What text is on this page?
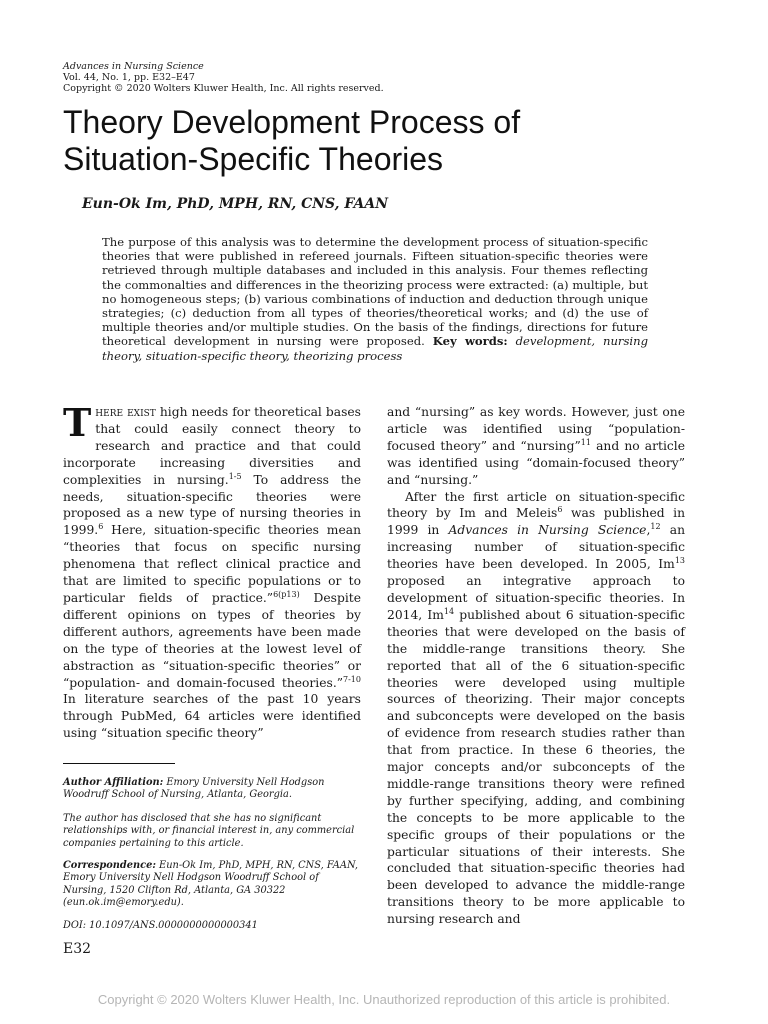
Advances in Nursing Science
Vol. 44, No. 1, pp. E32–E47
Copyright © 2020 Wolters Kluwer Health, Inc. All rights reserved.
Theory Development Process of
Situation-Specific Theories
Eun-Ok Im, PhD, MPH, RN, CNS, FAAN

The purpose of this analysis was to determine the development process of situation-specific theories that were published in refereed journals. Fifteen situation-specific theories were retrieved through multiple databases and included in this analysis. Four themes reflecting the commonalties and differences in the theorizing process were extracted: (a) multiple, but no homogeneous steps; (b) various combinations of induction and deduction through unique strategies; (c) deduction from all types of theories/theoretical works; and (d) the use of multiple theories and/or multiple studies. On the basis of the findings, directions for future theoretical development in nursing were proposed. Key words: development, nursing theory, situation-specific theory, theorizing process

There exist high needs for theoretical bases that could easily connect theory to research and practice and that could incorporate increasing diversities and complexities in nursing.$^{1-5}$ To address the needs, situation-specific theories were proposed as a new type of nursing theories in 1999.$^6$ Here, situation-specific theories mean “theories that focus on specific nursing phenomena that reflect clinical practice and that are limited to specific populations or to particular fields of practice.”$^{6(p13)}$ Despite different opinions on types of theories by different authors, agreements have been made on the type of theories at the lowest level of abstraction as “situation-specific theories” or “population- and domain-focused theories.”$^{7-10}$ In literature searches of the past 10 years through PubMed, 64 articles were identified using “situation specific theory”

and “nursing” as key words. However, just one article was identified using “population-focused theory” and “nursing”$^{11}$ and no article was identified using “domain-focused theory” and “nursing.”

After the first article on situation-specific theory by Im and Meleis$^6$ was published in 1999 in Advances in Nursing Science,$^{12}$ an increasing number of situation-specific theories have been developed. In 2005, Im$^{13}$ proposed an integrative approach to development of situation-specific theories. In 2014, Im$^{14}$ published about 6 situation-specific theories that were developed on the basis of the middle-range transitions theory. She reported that all of the 6 situation-specific theories were developed using multiple sources of theorizing. Their major concepts and subconcepts were developed on the basis of evidence from research studies rather than that from practice. In these 6 theories, the major concepts and/or subconcepts of the middle-range transitions theory were refined by further specifying, adding, and combining the concepts to be more applicable to the specific groups of their populations or the particular situations of their interests. She concluded that situation-specific theories had been developed to advance the middle-range transitions theory to be more applicable to nursing research and

Author Affiliation: Emory University Nell Hodgson Woodruff School of Nursing, Atlanta, Georgia.

The author has disclosed that she has no significant relationships with, or financial interest in, any commercial companies pertaining to this article.

Correspondence: Eun-Ok Im, PhD, MPH, RN, CNS, FAAN, Emory University Nell Hodgson Woodruff School of Nursing, 1520 Clifton Rd, Atlanta, GA 30322 (eun.ok.im@emory.edu).

DOI: 10.1097/ANS.0000000000000341

E32
Copyright © 2020 Wolters Kluwer Health, Inc. Unauthorized reproduction of this article is prohibited.
